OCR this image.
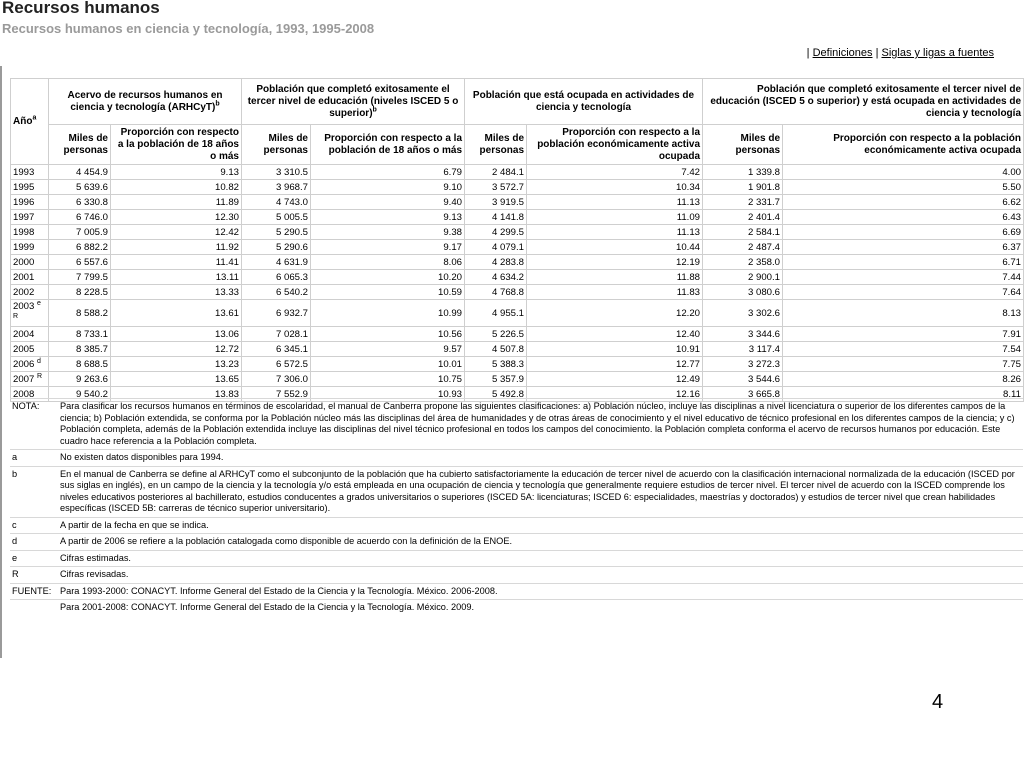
Recursos humanos
Recursos humanos en ciencia y tecnología, 1993, 1995-2008
| Definiciones | Siglas y ligas a fuentes
Año$^a$	Acervo de recursos humanos en ciencia y tecnología (ARHCyT)$^b$		Población que completó exitosamente el tercer nivel de educación (niveles ISCED 5 o superior)$^b$		Población que está ocupada en actividades de ciencia y tecnología		Población que completó exitosamente el tercer nivel de educación (ISCED 5 o superior) y está ocupada en actividades de ciencia y tecnología	
	Miles de personas	Proporción con respecto a la población de 18 años o más	Miles de personas	Proporción con respecto a la población de 18 años o más	Miles de personas	Proporción con respecto a la población económicamente activa ocupada	Miles de personas	Proporción con respecto a la población económicamente activa ocupada
1993	4 454.9	9.13	3 310.5	6.79	2 484.1	7.42	1 339.8	4.00
1995	5 639.6	10.82	3 968.7	9.10	3 572.7	10.34	1 901.8	5.50
1996	6 330.8	11.89	4 743.0	9.40	3 919.5	11.13	2 331.7	6.62
1997	6 746.0	12.30	5 005.5	9.13	4 141.8	11.09	2 401.4	6.43
1998	7 005.9	12.42	5 290.5	9.38	4 299.5	11.13	2 584.1	6.69
1999	6 882.2	11.92	5 290.6	9.17	4 079.1	10.44	2 487.4	6.37
2000	6 557.6	11.41	4 631.9	8.06	4 283.8	12.19	2 358.0	6.71
2001	7 799.5	13.11	6 065.3	10.20	4 634.2	11.88	2 900.1	7.44
2002	8 228.5	13.33	6 540.2	10.59	4 768.8	11.83	3 080.6	7.64
2003 $^{e R}$	8 588.2	13.61	6 932.7	10.99	4 955.1	12.20	3 302.6	8.13
2004	8 733.1	13.06	7 028.1	10.56	5 226.5	12.40	3 344.6	7.91
2005	8 385.7	12.72	6 345.1	9.57	4 507.8	10.91	3 117.4	7.54
2006 $^d$	8 688.5	13.23	6 572.5	10.01	5 388.3	12.77	3 272.3	7.75
2007 $^R$	9 263.6	13.65	7 306.0	10.75	5 357.9	12.49	3 544.6	8.26
2008	9 540.2	13.83	7 552.9	10.93	5 492.8	12.16	3 665.8	8.11
NOTA:	Para clasificar los recursos humanos en términos de escolaridad, el manual de Canberra propone las siguientes clasificaciones: a) Población núcleo, incluye las disciplinas a nivel licenciatura o superior de los diferentes campos de la ciencia; b) Población extendida, se conforma por la Población núcleo más las disciplinas del área de humanidades y de otras áreas de conocimiento y el nivel educativo de técnico profesional en los diferentes campos de la ciencia; y c) Población completa, además de la Población extendida incluye las disciplinas del nivel técnico profesional en todos los campos del conocimiento. la Población completa conforma el acervo de recursos humanos por educación. Este cuadro hace referencia a la Población completa.
a	No existen datos disponibles para 1994.
b	En el manual de Canberra se define al ARHCyT como el subconjunto de la población que ha cubierto satisfactoriamente la educación de tercer nivel de acuerdo con la clasificación internacional normalizada de la educación (ISCED por sus siglas en inglés), en un campo de la ciencia y la tecnología y/o está empleada en una ocupación de ciencia y tecnología que generalmente requiere estudios de tercer nivel. El tercer nivel de acuerdo con la ISCED comprende los niveles educativos posteriores al bachillerato, estudios conducentes a grados universitarios o superiores (ISCED 5A: licenciaturas; ISCED 6: especialidades, maestrías y doctorados) y estudios de tercer nivel que crean habilidades específicas (ISCED 5B: carreras de técnico superior universitario).
c	A partir de la fecha en que se indica.
d	A partir de 2006 se refiere a la población catalogada como disponible de acuerdo con la definición de la ENOE.
e	Cifras estimadas.
R	Cifras revisadas.
FUENTE:	Para 1993-2000: CONACYT. Informe General del Estado de la Ciencia y la Tecnología. México. 2006-2008.
	Para 2001-2008: CONACYT. Informe General del Estado de la Ciencia y la Tecnología. México. 2009.
4
